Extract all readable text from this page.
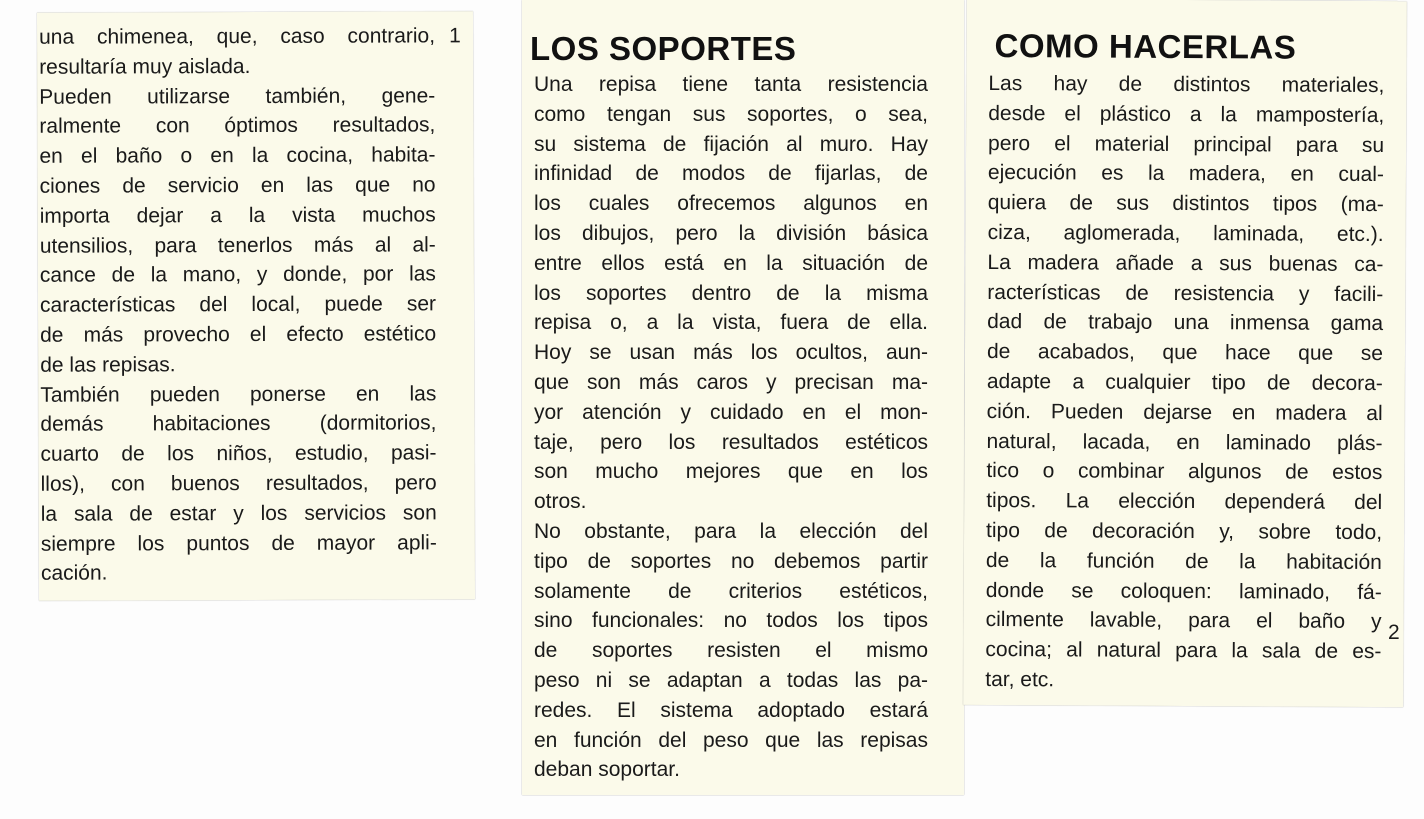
una chimenea, que, caso contrario,
resultaría muy aislada.
Pueden utilizarse también, gene-
ralmente con óptimos resultados,
en el baño o en la cocina, habita-
ciones de servicio en las que no
importa dejar a la vista muchos
utensilios, para tenerlos más al al-
cance de la mano, y donde, por las
características del local, puede ser
de más provecho el efecto estético
de las repisas.
También pueden ponerse en las
demás habitaciones (dormitorios,
cuarto de los niños, estudio, pasi-
llos), con buenos resultados, pero
la sala de estar y los servicios son
siempre los puntos de mayor apli-
cación.
1 LOS SOPORTES
Una repisa tiene tanta resistencia
como tengan sus soportes, o sea,
su sistema de fijación al muro. Hay
infinidad de modos de fijarlas, de
los cuales ofrecemos algunos en
los dibujos, pero la división básica
entre ellos está en la situación de
los soportes dentro de la misma
repisa o, a la vista, fuera de ella.
Hoy se usan más los ocultos, aun-
que son más caros y precisan ma-
yor atención y cuidado en el mon-
taje, pero los resultados estéticos
son mucho mejores que en los
otros.
No obstante, para la elección del
tipo de soportes no debemos partir
solamente de criterios estéticos,
sino funcionales: no todos los tipos
de soportes resisten el mismo
peso ni se adaptan a todas las pa-
redes. El sistema adoptado estará
en función del peso que las repisas
deban soportar.
COMO HACERLAS
Las hay de distintos materiales,
desde el plástico a la mampostería,
pero el material principal para su
ejecución es la madera, en cual-
quiera de sus distintos tipos (ma-
ciza, aglomerada, laminada, etc.).
La madera añade a sus buenas ca-
racterísticas de resistencia y facili-
dad de trabajo una inmensa gama
de acabados, que hace que se
adapte a cualquier tipo de decora-
ción. Pueden dejarse en madera al
natural, lacada, en laminado plás-
tico o combinar algunos de estos
tipos. La elección dependerá del
tipo de decoración y, sobre todo,
de la función de la habitación
donde se coloquen: laminado, fá-
cilmente lavable, para el baño y
cocina; al natural para la sala de es-
tar, etc.
2
